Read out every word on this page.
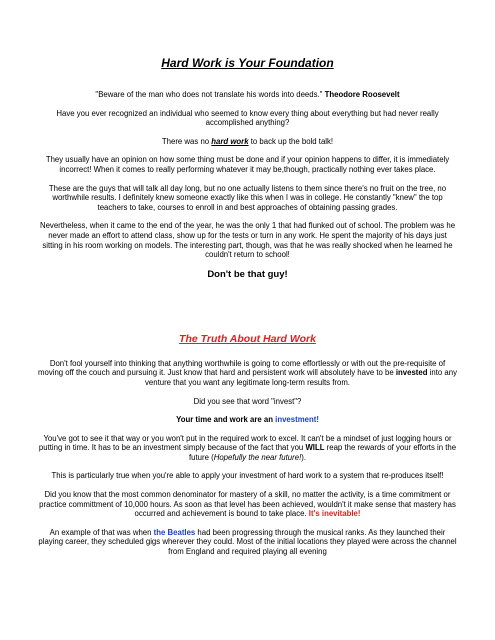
Hard Work is Your Foundation

"Beware of the man who does not translate his words into deeds." Theodore Roosevelt

Have you ever recognized an individual who seemed to know every thing about everything but had never really accomplished anything?

There was no hard work to back up the bold talk!

They usually have an opinion on how some thing must be done and if your opinion happens to differ, it is immediately incorrect! When it comes to really performing whatever it may be,though, practically nothing ever takes place.

These are the guys that will talk all day long, but no one actually listens to them since there's no fruit on the tree, no worthwhile results. I definitely knew someone exactly like this when I was in college. He constantly "knew" the top teachers to take, courses to enroll in and best approaches of obtaining passing grades.

Nevertheless, when it came to the end of the year, he was the only 1 that had flunked out of school. The problem was he never made an effort to attend class, show up for the tests or turn in any work. He spent the majority of his days just sitting in his room working on models. The interesting part, though, was that he was really shocked when he learned he couldn't return to school!

Don't be that guy!

The Truth About Hard Work

Don't fool yourself into thinking that anything worthwhile is going to come effortlessly or with out the pre-requisite of moving off the couch and pursuing it. Just know that hard and persistent work will absolutely have to be invested into any venture that you want any legitimate long-term results from.

Did you see that word "invest"?

Your time and work are an investment!

You've got to see it that way or you won't put in the required work to excel. It can't be a mindset of just logging hours or putting in time. It has to be an investment simply because of the fact that you WILL reap the rewards of your efforts in the future (Hopefully the near future!).

This is particularly true when you're able to apply your investment of hard work to a system that re-produces itself!

Did you know that the most common denominator for mastery of a skill, no matter the activity, is a time commitment or practice committment of 10,000 hours. As soon as that level has been achieved, wouldn't it make sense that mastery has occurred and achievement is bound to take place. It's inevitable!

An example of that was when the Beatles had been progressing through the musical ranks. As they launched their playing career, they scheduled gigs wherever they could. Most of the initial locations they played were across the channel from England and required playing all evening
